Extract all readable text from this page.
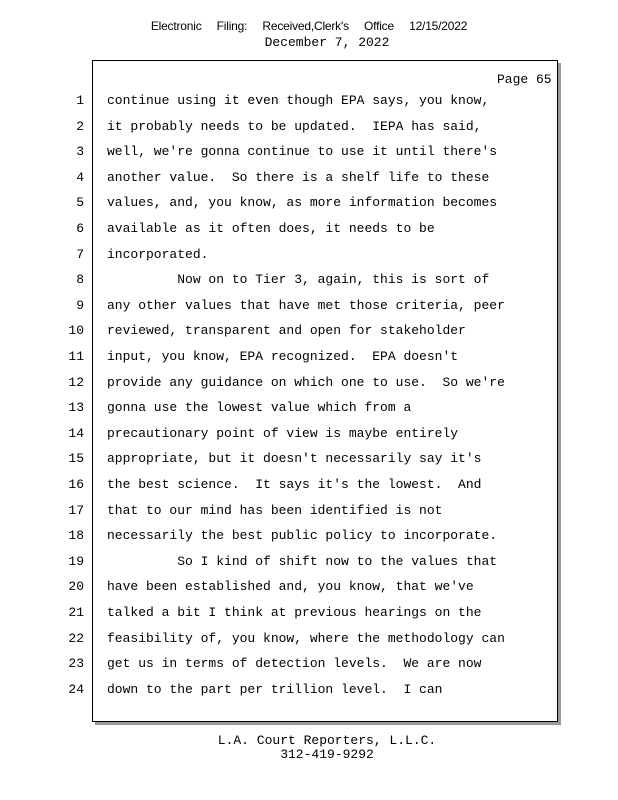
Electronic Filing: Received,Clerk's Office 12/15/2022
December 7, 2022
Page 65
1 continue using it even though EPA says, you know,
2 it probably needs to be updated.  IEPA has said,
3 well, we're gonna continue to use it until there's
4 another value.  So there is a shelf life to these
5 values, and, you know, as more information becomes
6 available as it often does, it needs to be
7 incorporated.
8 Now on to Tier 3, again, this is sort of
9 any other values that have met those criteria, peer
10 reviewed, transparent and open for stakeholder
11 input, you know, EPA recognized.  EPA doesn't
12 provide any guidance on which one to use.  So we're
13 gonna use the lowest value which from a
14 precautionary point of view is maybe entirely
15 appropriate, but it doesn't necessarily say it's
16 the best science.  It says it's the lowest.  And
17 that to our mind has been identified is not
18 necessarily the best public policy to incorporate.
19 So I kind of shift now to the values that
20 have been established and, you know, that we've
21 talked a bit I think at previous hearings on the
22 feasibility of, you know, where the methodology can
23 get us in terms of detection levels.  We are now
24 down to the part per trillion level.  I can
L.A. Court Reporters, L.L.C.
312-419-9292
